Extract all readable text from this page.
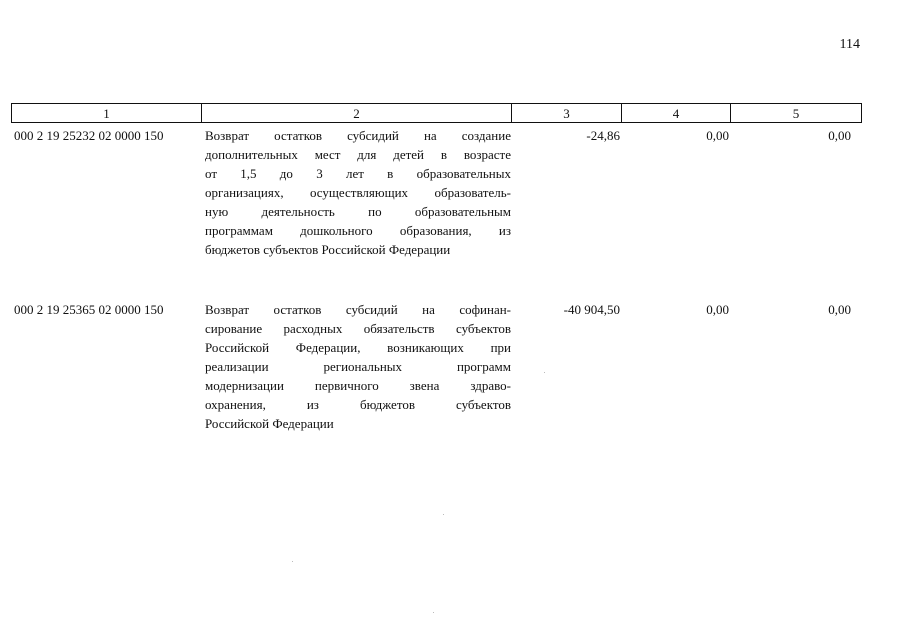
114
1	2	3	4	5
000 2 19 25232 02 0000 150	Возврат остатков субсидий на создание
дополнительных мест для детей в возрасте
от 1,5 до 3 лет в образовательных
организациях, осуществляющих образователь-
ную деятельность по образовательным
программам дошкольного образования, из
бюджетов субъектов Российской Федерации
-24,86	0,00	0,00
000 2 19 25365 02 0000 150	Возврат остатков субсидий на софинан-
сирование расходных обязательств субъектов
Российской Федерации, возникающих при
реализации региональных программ
модернизации первичного звена здраво-
охранения, из бюджетов субъектов
Российской Федерации
-40 904,50	0,00	0,00
